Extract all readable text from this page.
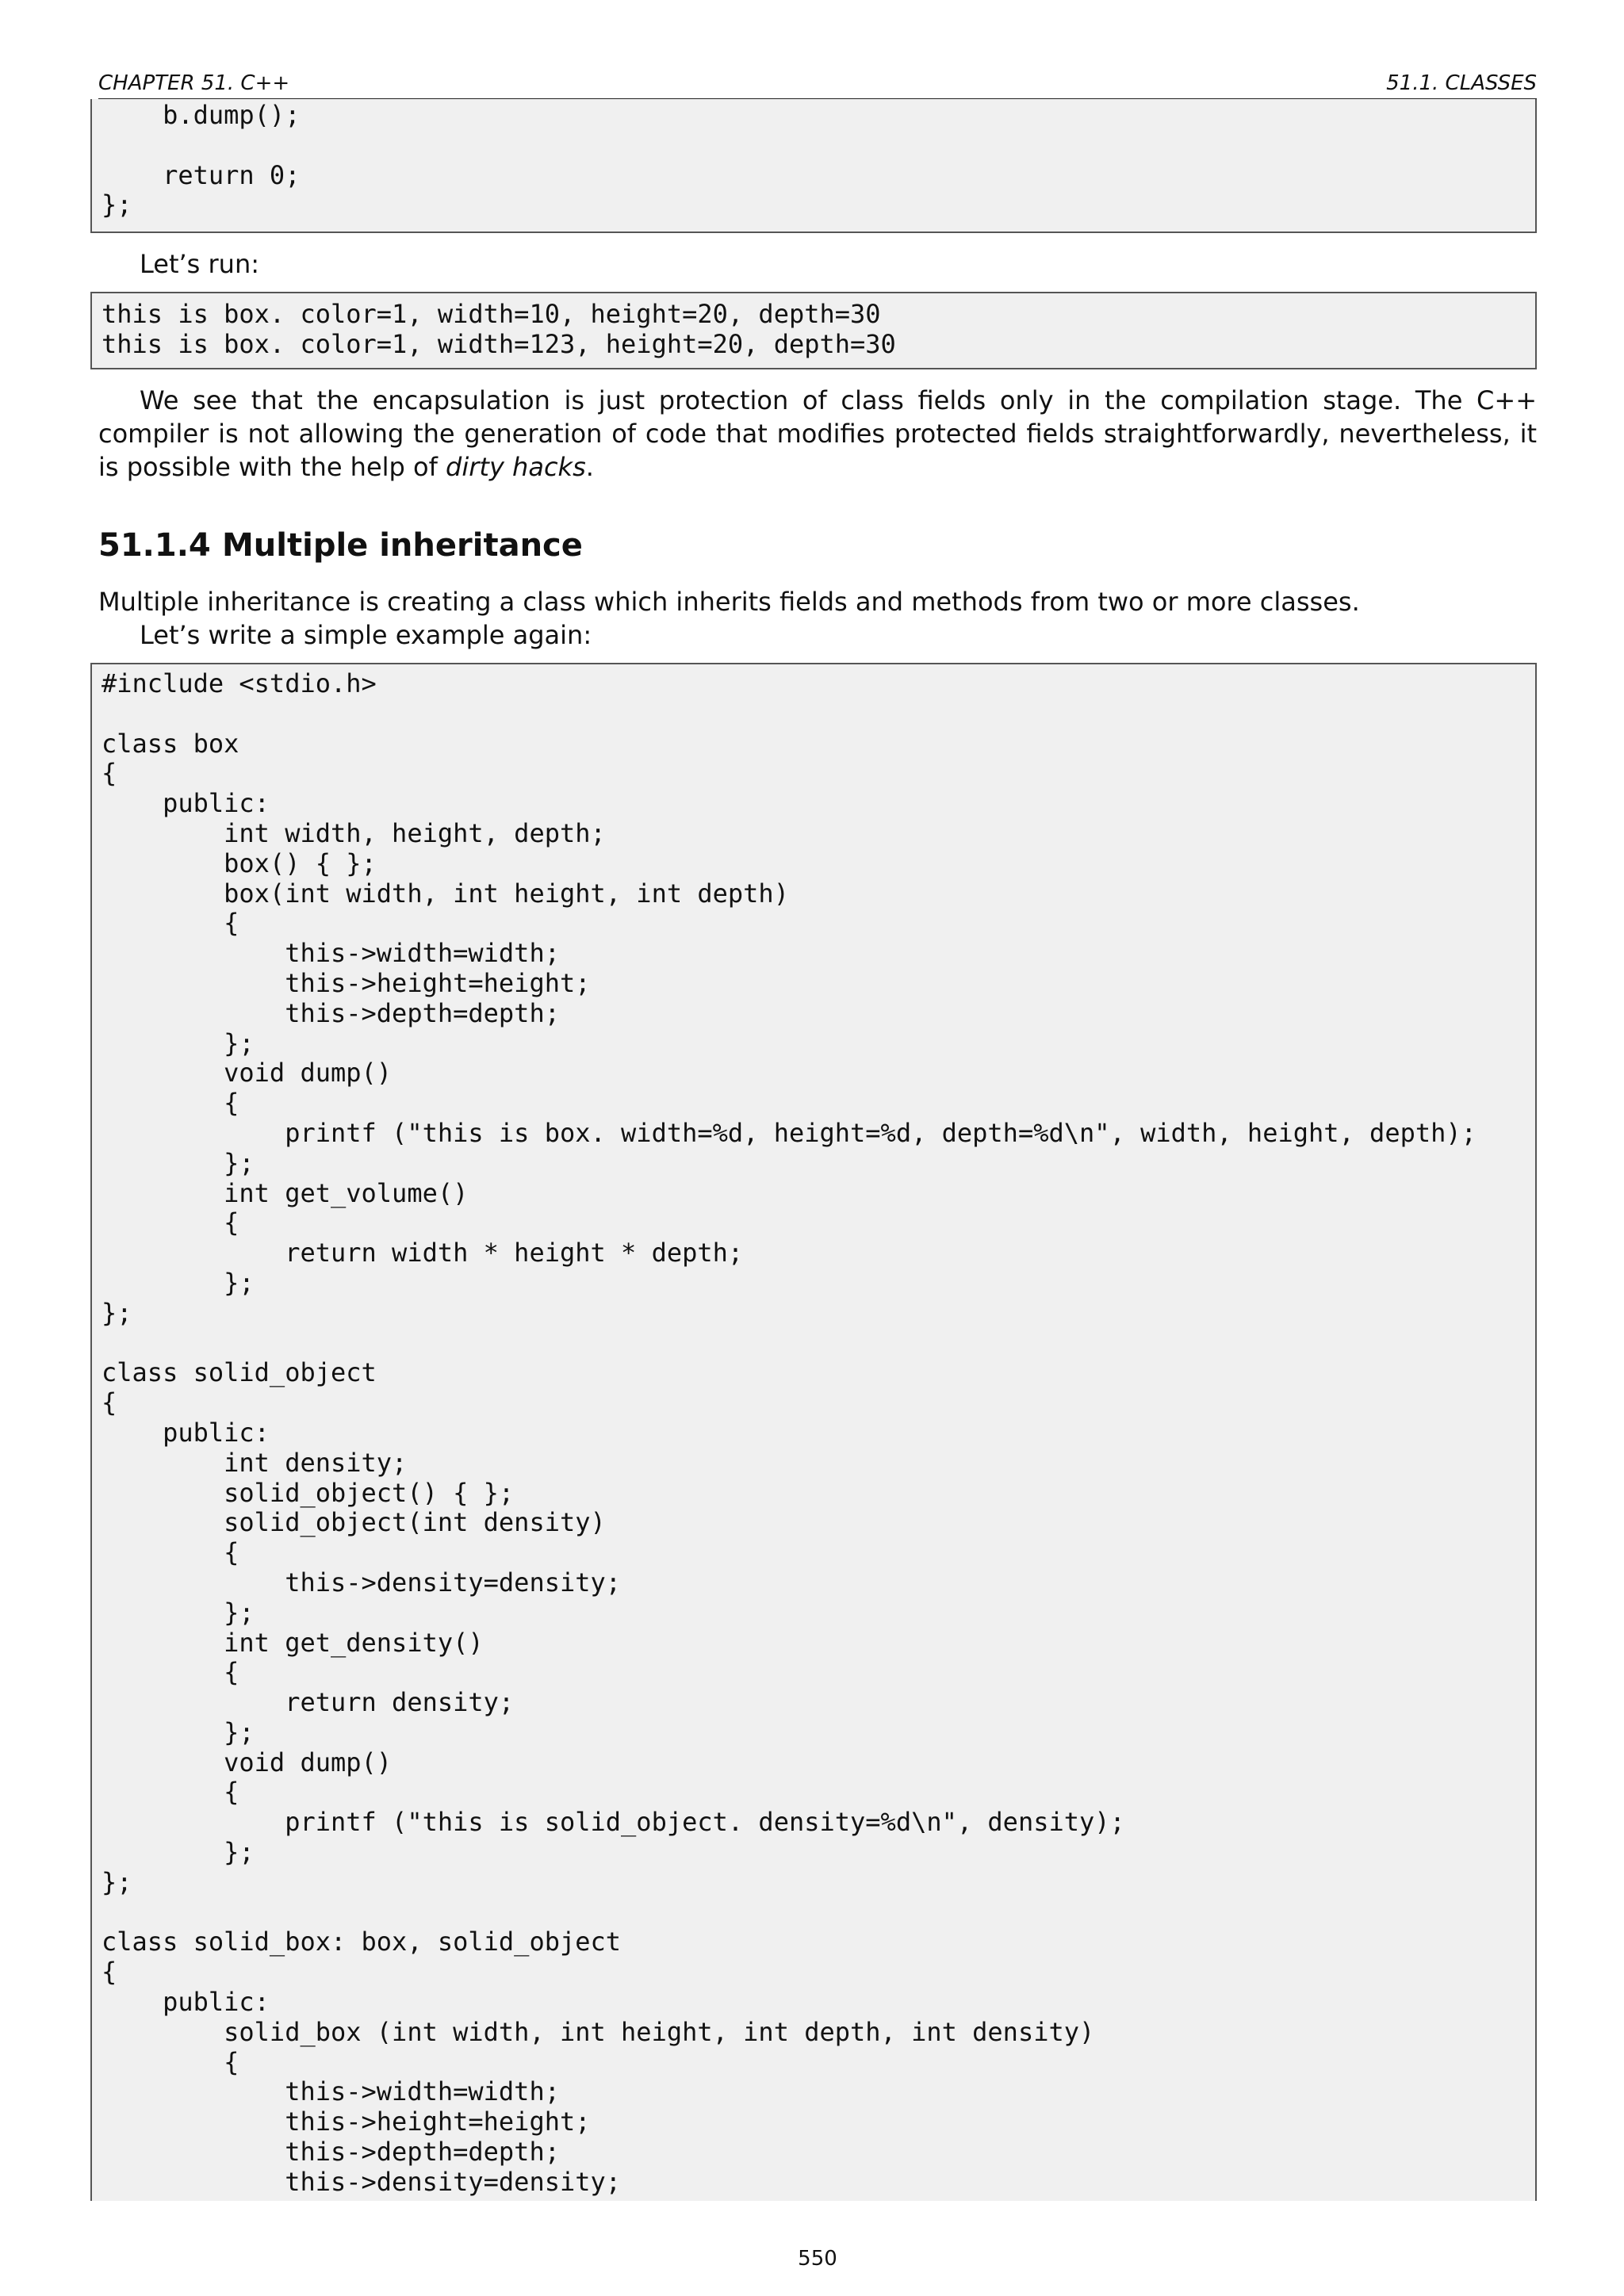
CHAPTER 51. C++	51.1. CLASSES
b.dump();
return 0;
};

Let’s run:

this is box. color=1, width=10, height=20, depth=30
this is box. color=1, width=123, height=20, depth=30

We see that the encapsulation is just protection of class fields only in the compilation stage. The C++ compiler is not allowing the generation of code that modifies protected fields straightforwardly, nevertheless, it is possible with the help of dirty hacks.

51.1.4 Multiple inheritance

Multiple inheritance is creating a class which inherits fields and methods from two or more classes.

Let’s write a simple example again:

#include <stdio.h>
class box
{
public:
int width, height, depth;
box() { };
box(int width, int height, int depth)
{
this->width=width;
this->height=height;
this->depth=depth;
};
void dump()
{
printf ("this is box. width=%d, height=%d, depth=%d\n", width, height, depth);
};
int get_volume()
{
return width * height * depth;
};
};
class solid_object
{
public:
int density;
solid_object() { };
solid_object(int density)
{
this->density=density;
};
int get_density()
{
return density;
};
void dump()
{
printf ("this is solid_object. density=%d\n", density);
};
};
class solid_box: box, solid_object
{
public:
solid_box (int width, int height, int depth, int density)
{
this->width=width;
this->height=height;
this->depth=depth;
this->density=density;
550
